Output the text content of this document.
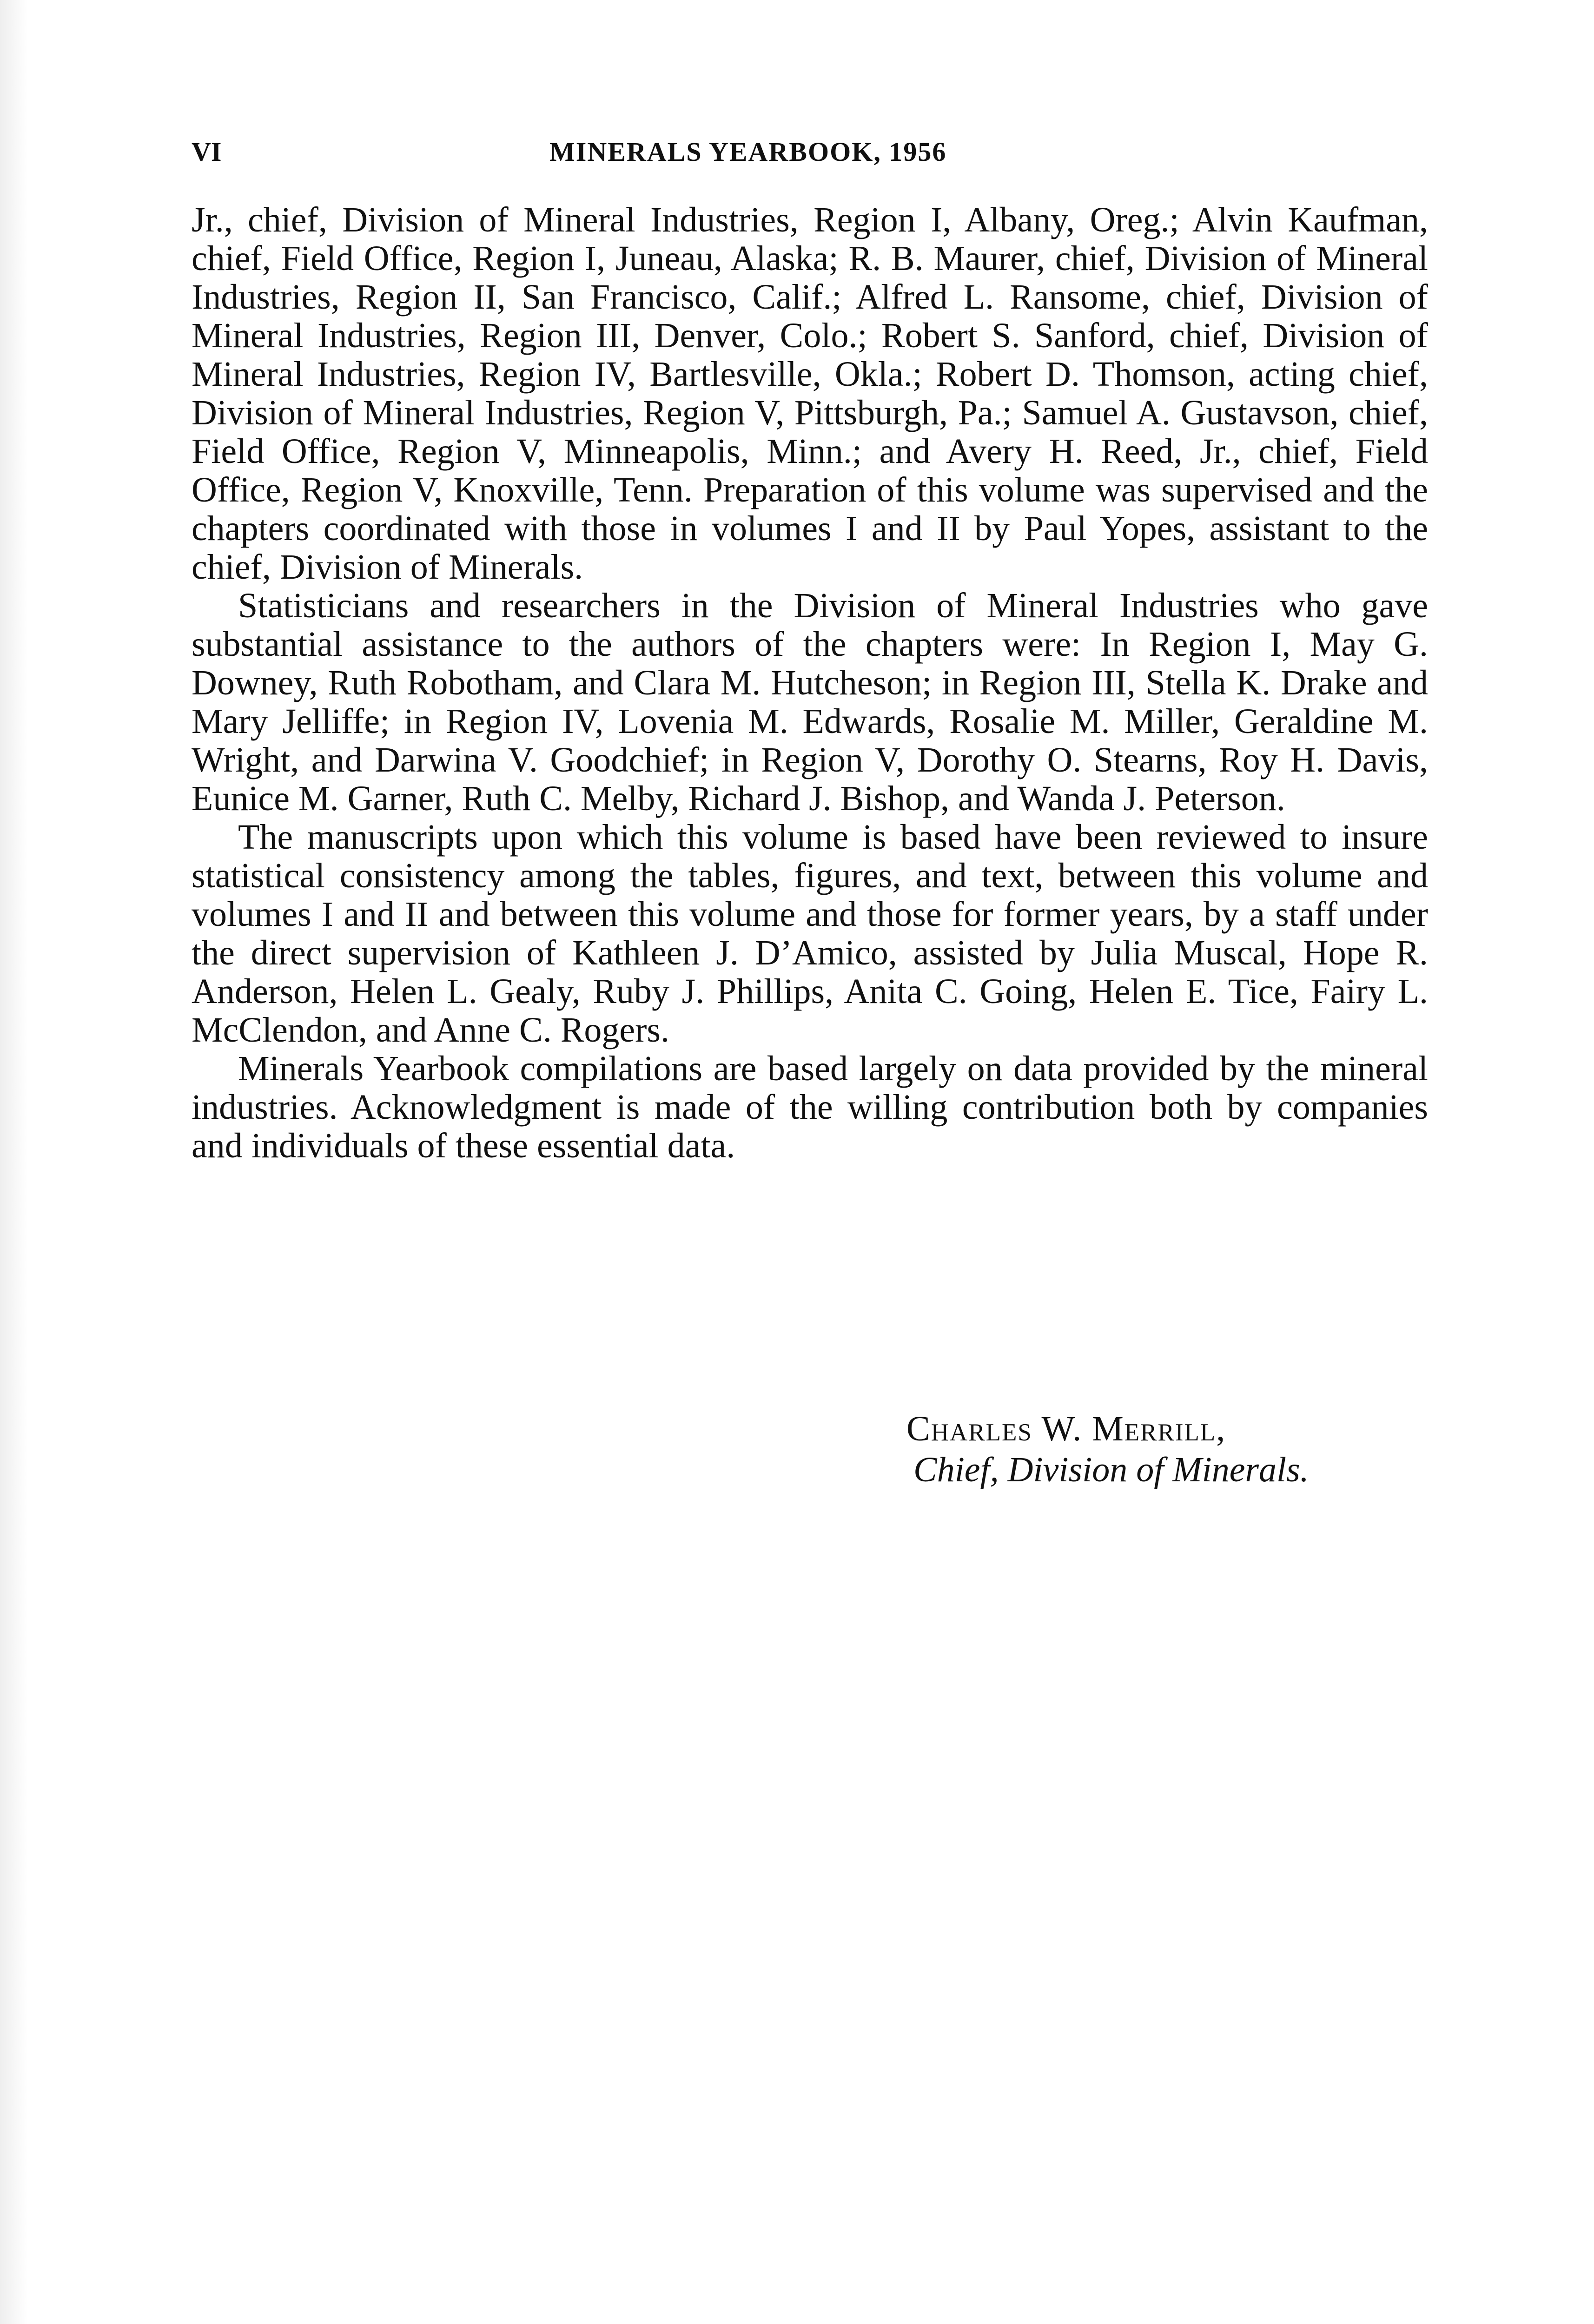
VI	MINERALS YEARBOOK, 1956

Jr., chief, Division of Mineral Industries, Region I, Albany, Oreg.; Alvin Kaufman, chief, Field Office, Region I, Juneau, Alaska; R. B. Maurer, chief, Division of Mineral Industries, Region II, San Francisco, Calif.; Alfred L. Ransome, chief, Division of Mineral Industries, Region III, Denver, Colo.; Robert S. Sanford, chief, Division of Mineral Industries, Region IV, Bartlesville, Okla.; Robert D. Thomson, acting chief, Division of Mineral Industries, Region V, Pittsburgh, Pa.; Samuel A. Gustavson, chief, Field Office, Region V, Minneapolis, Minn.; and Avery H. Reed, Jr., chief, Field Office, Region V, Knoxville, Tenn. Preparation of this volume was supervised and the chapters coordinated with those in volumes I and II by Paul Yopes, assistant to the chief, Division of Minerals.

Statisticians and researchers in the Division of Mineral Industries who gave substantial assistance to the authors of the chapters were: In Region I, May G. Downey, Ruth Robotham, and Clara M. Hutcheson; in Region III, Stella K. Drake and Mary Jelliffe; in Region IV, Lovenia M. Edwards, Rosalie M. Miller, Geraldine M. Wright, and Darwina V. Goodchief; in Region V, Dorothy O. Stearns, Roy H. Davis, Eunice M. Garner, Ruth C. Melby, Richard J. Bishop, and Wanda J. Peterson.

The manuscripts upon which this volume is based have been reviewed to insure statistical consistency among the tables, figures, and text, between this volume and volumes I and II and between this volume and those for former years, by a staff under the direct supervision of Kathleen J. D’Amico, assisted by Julia Muscal, Hope R. Anderson, Helen L. Gealy, Ruby J. Phillips, Anita C. Going, Helen E. Tice, Fairy L. McClendon, and Anne C. Rogers.

Minerals Yearbook compilations are based largely on data provided by the mineral industries. Acknowledgment is made of the willing contribution both by companies and individuals of these essential data.

Charles W. Merrill,
Chief, Division of Minerals.
